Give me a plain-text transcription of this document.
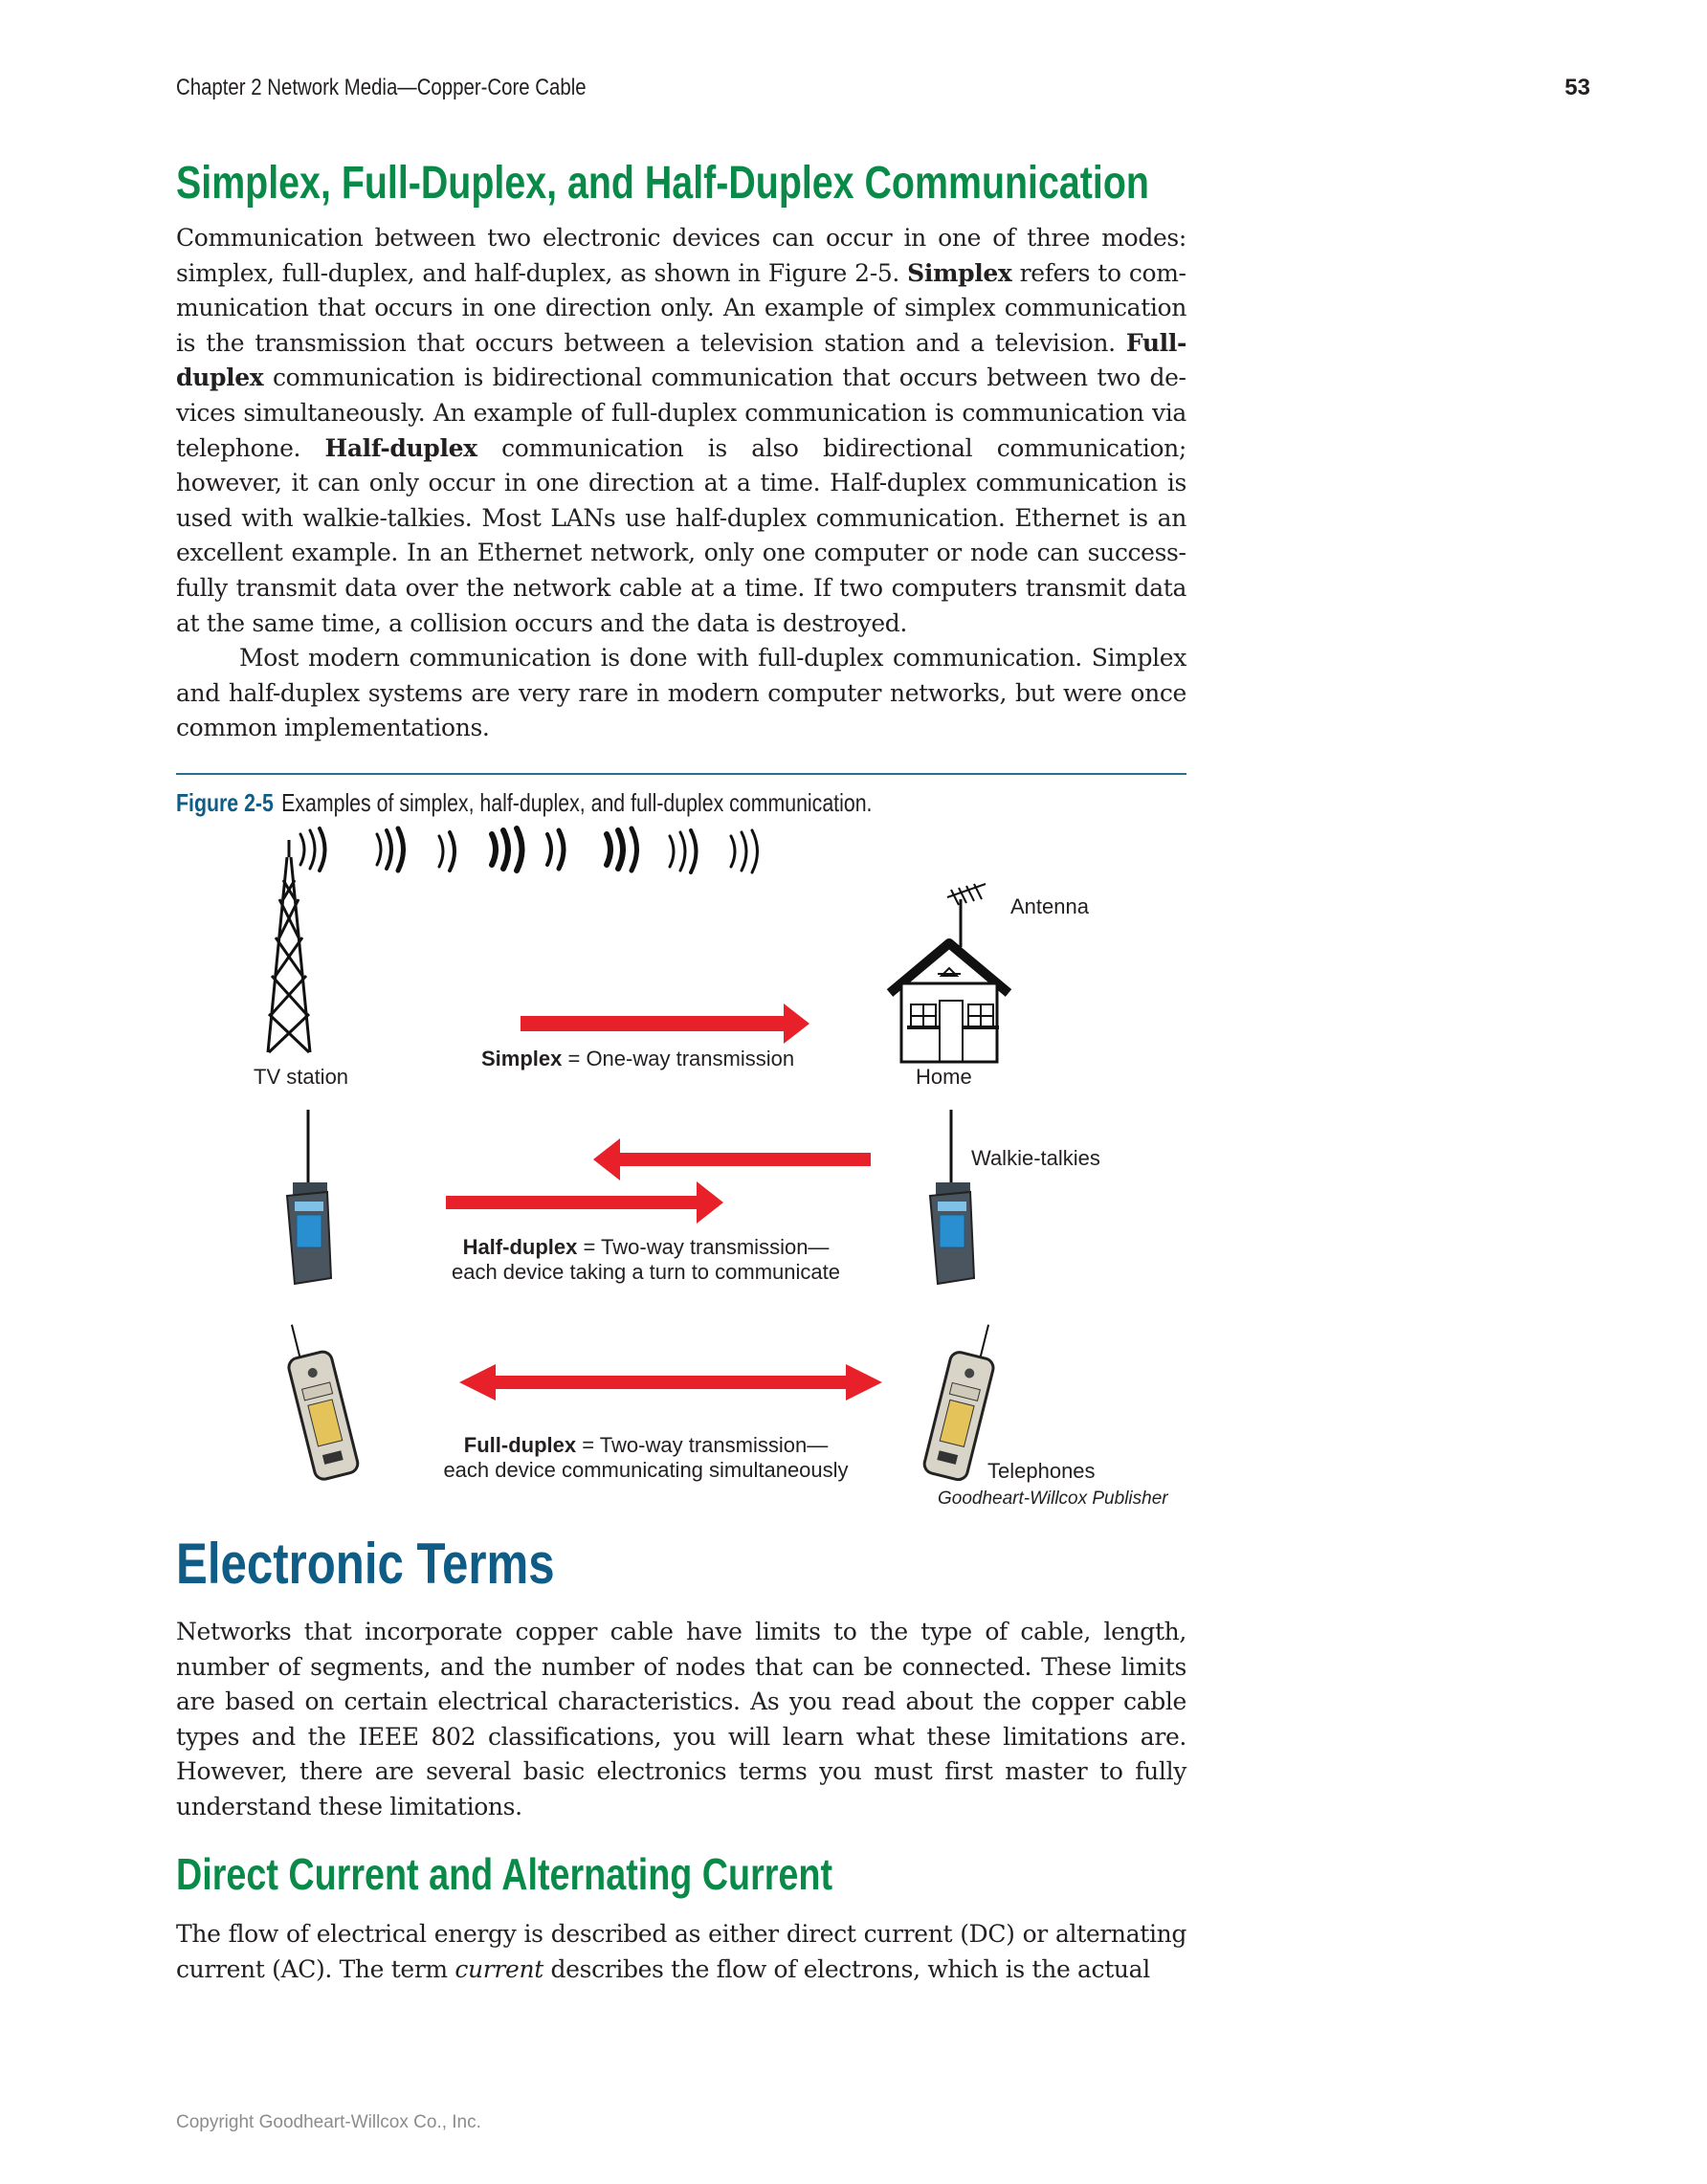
Chapter 2 Network Media—Copper-Core Cable	53
Simplex, Full-Duplex, and Half-Duplex Communication

Communication between two electronic devices can occur in one of three modes: simplex, full-duplex, and half-duplex, as shown in Figure 2-5. Simplex refers to communication that occurs in one direction only. An example of simplex communication is the transmission that occurs between a television station and a television. Full-duplex communication is bidirectional communication that occurs between two devices simultaneously. An example of full-duplex communication is communication via telephone. Half-duplex communication is also bidirectional communication; however, it can only occur in one direction at a time. Half-duplex communication is used with walkie-talkies. Most LANs use half-duplex communication. Ethernet is an excellent example. In an Ethernet network, only one computer or node can successfully transmit data over the network cable at a time. If two computers transmit data at the same time, a collision occurs and the data is destroyed.

Most modern communication is done with full-duplex communication. Simplex and half-duplex systems are very rare in modern computer networks, but were once common implementations.

Figure 2-5 Examples of simplex, half-duplex, and full-duplex communication.
Antenna
TV station	Home
Walkie-talkies
Telephones
Simplex = One-way transmission
Half-duplex = Two-way transmission—
each device taking a turn to communicate
Full-duplex = Two-way transmission—
each device communicating simultaneously
Goodheart-Willcox Publisher
Electronic Terms

Networks that incorporate copper cable have limits to the type of cable, length, number of segments, and the number of nodes that can be connected. These limits are based on certain electrical characteristics. As you read about the copper cable types and the IEEE 802 classifications, you will learn what these limitations are. However, there are several basic electronics terms you must first master to fully understand these limitations.

Direct Current and Alternating Current

The flow of electrical energy is described as either direct current (DC) or alternating current (AC). The term current describes the flow of electrons, which is the actual

Copyright Goodheart-Willcox Co., Inc.
